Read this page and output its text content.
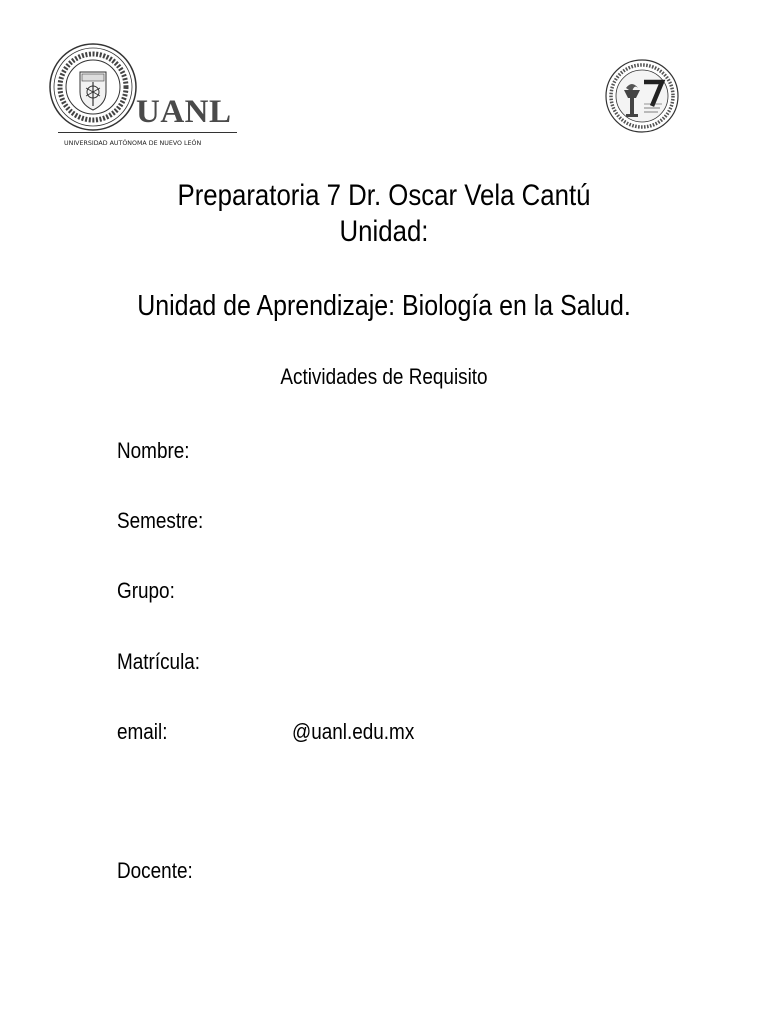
UANL
UNIVERSIDAD AUTÓNOMA DE NUEVO LEÓN
Preparatoria 7 Dr. Oscar Vela Cantú
Unidad:
Unidad de Aprendizaje: Biología en la Salud.
Actividades de Requisito
Nombre:
Semestre:
Grupo:
Matrícula:
email:	@uanl.edu.mx
Docente:
